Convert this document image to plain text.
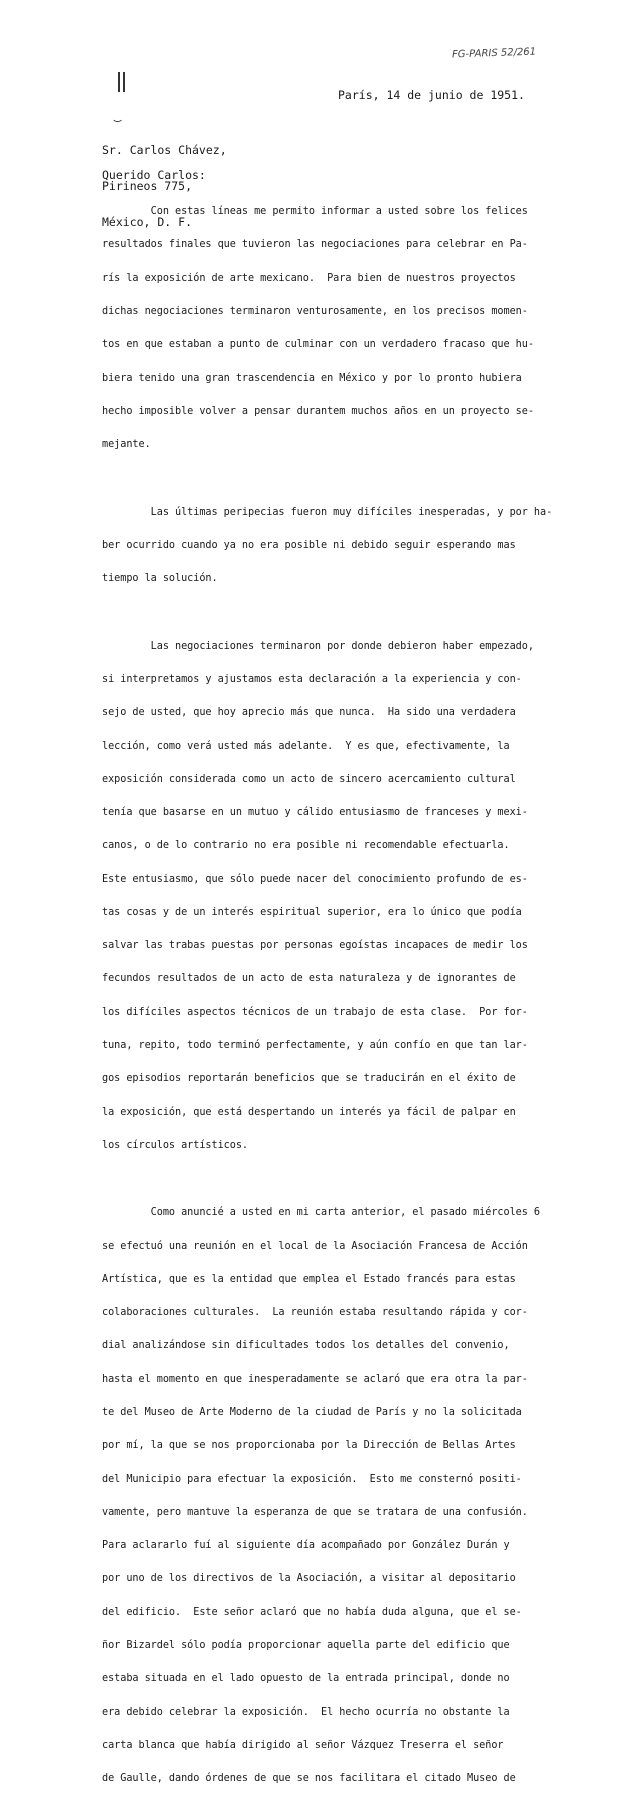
FG-PARIS 52/261
‿
París, 14 de junio de 1951.

Sr. Carlos Chávez,

Pirineos 775,

México, D. F.

Querido Carlos:

Con estas líneas me permito informar a usted sobre los felices

resultados finales que tuvieron las negociaciones para celebrar en Pa-

rís la exposición de arte mexicano.  Para bien de nuestros proyectos

dichas negociaciones terminaron venturosamente, en los precisos momen-

tos en que estaban a punto de culminar con un verdadero fracaso que hu-

biera tenido una gran trascendencia en México y por lo pronto hubiera

hecho imposible volver a pensar durantem muchos años en un proyecto se-

mejante.

Las últimas peripecias fueron muy difíciles inesperadas, y por ha-

ber ocurrido cuando ya no era posible ni debido seguir esperando mas

tiempo la solución.

Las negociaciones terminaron por donde debieron haber empezado,

si interpretamos y ajustamos esta declaración a la experiencia y con-

sejo de usted, que hoy aprecio más que nunca.  Ha sido una verdadera

lección, como verá usted más adelante.  Y es que, efectivamente, la

exposición considerada como un acto de sincero acercamiento cultural

tenía que basarse en un mutuo y cálido entusiasmo de franceses y mexi-

canos, o de lo contrario no era posible ni recomendable efectuarla.

Este entusiasmo, que sólo puede nacer del conocimiento profundo de es-

tas cosas y de un interés espiritual superior, era lo único que podía

salvar las trabas puestas por personas egoístas incapaces de medir los

fecundos resultados de un acto de esta naturaleza y de ignorantes de

los difíciles aspectos técnicos de un trabajo de esta clase.  Por for-

tuna, repito, todo terminó perfectamente, y aún confío en que tan lar-

gos episodios reportarán beneficios que se traducirán en el éxito de

la exposición, que está despertando un interés ya fácil de palpar en

los círculos artísticos.

Como anuncié a usted en mi carta anterior, el pasado miércoles 6

se efectuó una reunión en el local de la Asociación Francesa de Acción

Artística, que es la entidad que emplea el Estado francés para estas

colaboraciones culturales.  La reunión estaba resultando rápida y cor-

dial analizándose sin dificultades todos los detalles del convenio,

hasta el momento en que inesperadamente se aclaró que era otra la par-

te del Museo de Arte Moderno de la ciudad de París y no la solicitada

por mí, la que se nos proporcionaba por la Dirección de Bellas Artes

del Municipio para efectuar la exposición.  Esto me consternó positi-

vamente, pero mantuve la esperanza de que se tratara de una confusión.

Para aclararlo fuí al siguiente día acompañado por González Durán y

por uno de los directivos de la Asociación, a visitar al depositario

del edificio.  Este señor aclaró que no había duda alguna, que el se-

ñor Bizardel sólo podía proporcionar aquella parte del edificio que

estaba situada en el lado opuesto de la entrada principal, donde no

era debido celebrar la exposición.  El hecho ocurría no obstante la

carta blanca que había dirigido al señor Vázquez Treserra el señor

de Gaulle, dando órdenes de que se nos facilitara el citado Museo de
